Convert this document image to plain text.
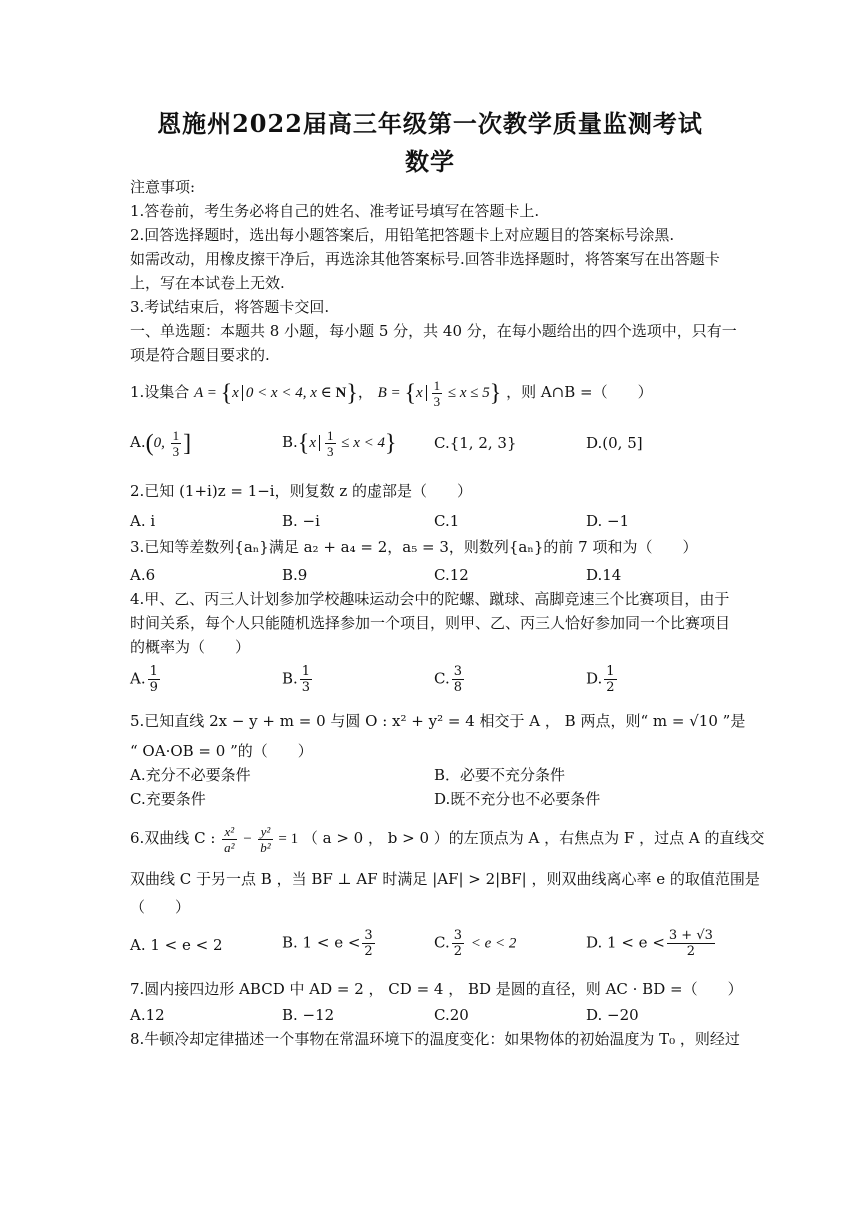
恩施州2022届高三年级第一次教学质量监测考试
数学
注意事项:
1.答卷前，考生务必将自己的姓名、准考证号填写在答题卡上.
2.回答选择题时，选出每小题答案后，用铅笔把答题卡上对应题目的答案标号涂黑.
如需改动，用橡皮擦干净后，再选涂其他答案标号.回答非选择题时，将答案写在出答题卡
上，写在本试卷上无效.
3.考试结束后，将答题卡交回.
一、单选题：本题共 8 小题，每小题 5 分，共 40 分，在每小题给出的四个选项中，只有一
项是符合题目要求的.
1.设集合 A = {x 0 < x < 4, x ∈ N}， $B = \{x \frac{1}{3} \le x \le 5\}$ ，则 A∩B =（　　）
A.(0, $\frac{1}{3}$ ]	$B.\{x \frac{1}{3} \le x < 4\}$ C.{1, 2, 3}	D.(0, 5]
2.已知 (1+i)z = 1−i，则复数 z 的虚部是（　　）
A. i	B. −i	C.1	D. −1
3.已知等差数列{aₙ}满足 a₂ + a₄ = 2，a₅ = 3，则数列{aₙ}的前 7 项和为（　　）
A.6	B.9	C.12	D.14
4.甲、乙、丙三人计划参加学校趣味运动会中的陀螺、蹴球、高脚竞速三个比赛项目，由于
时间关系，每个人只能随机选择参加一个项目，则甲、乙、丙三人恰好参加同一个比赛项目
的概率为（　　）
A. $\frac{1}{9}$	B. $\frac{1}{3}$	C. $\frac{3}{8}$	D. $\frac{1}{2}$
5.已知直线 2x − y + m = 0 与圆 O : x² + y² = 4 相交于 A ， B 两点，则“ m = √10 ”是
“ OA·OB = 0 ”的（　　）
A.充分不必要条件	B．必要不充分条件
C.充要条件	D.既不充分也不必要条件
6.双曲线 C : $\frac{\text{x²}}{\text{a²}} - \frac{\text{y²}}{\text{b²}} = 1$ （ a > 0 ， b > 0 ）的左顶点为 A ，右焦点为 F ，过点 A 的直线交
双曲线 C 于另一点 B ，当 BF ⊥ AF 时满足 |AF| > 2|BF| ，则双曲线离心率 e 的取值范围是
（　　）
A. 1 < e < 2	B. $1 < e < \frac{3}{2}$	C. $\frac{3}{2} < e < 2$	D. $1 < e < \frac{3 + √3}{2}$
7.圆内接四边形 ABCD 中 AD = 2 ， CD = 4 ， BD 是圆的直径，则 AC · BD =（　　）
A.12	B. −12	C.20	D. −20
8.牛顿冷却定律描述一个事物在常温环境下的温度变化：如果物体的初始温度为 T₀ ，则经过
